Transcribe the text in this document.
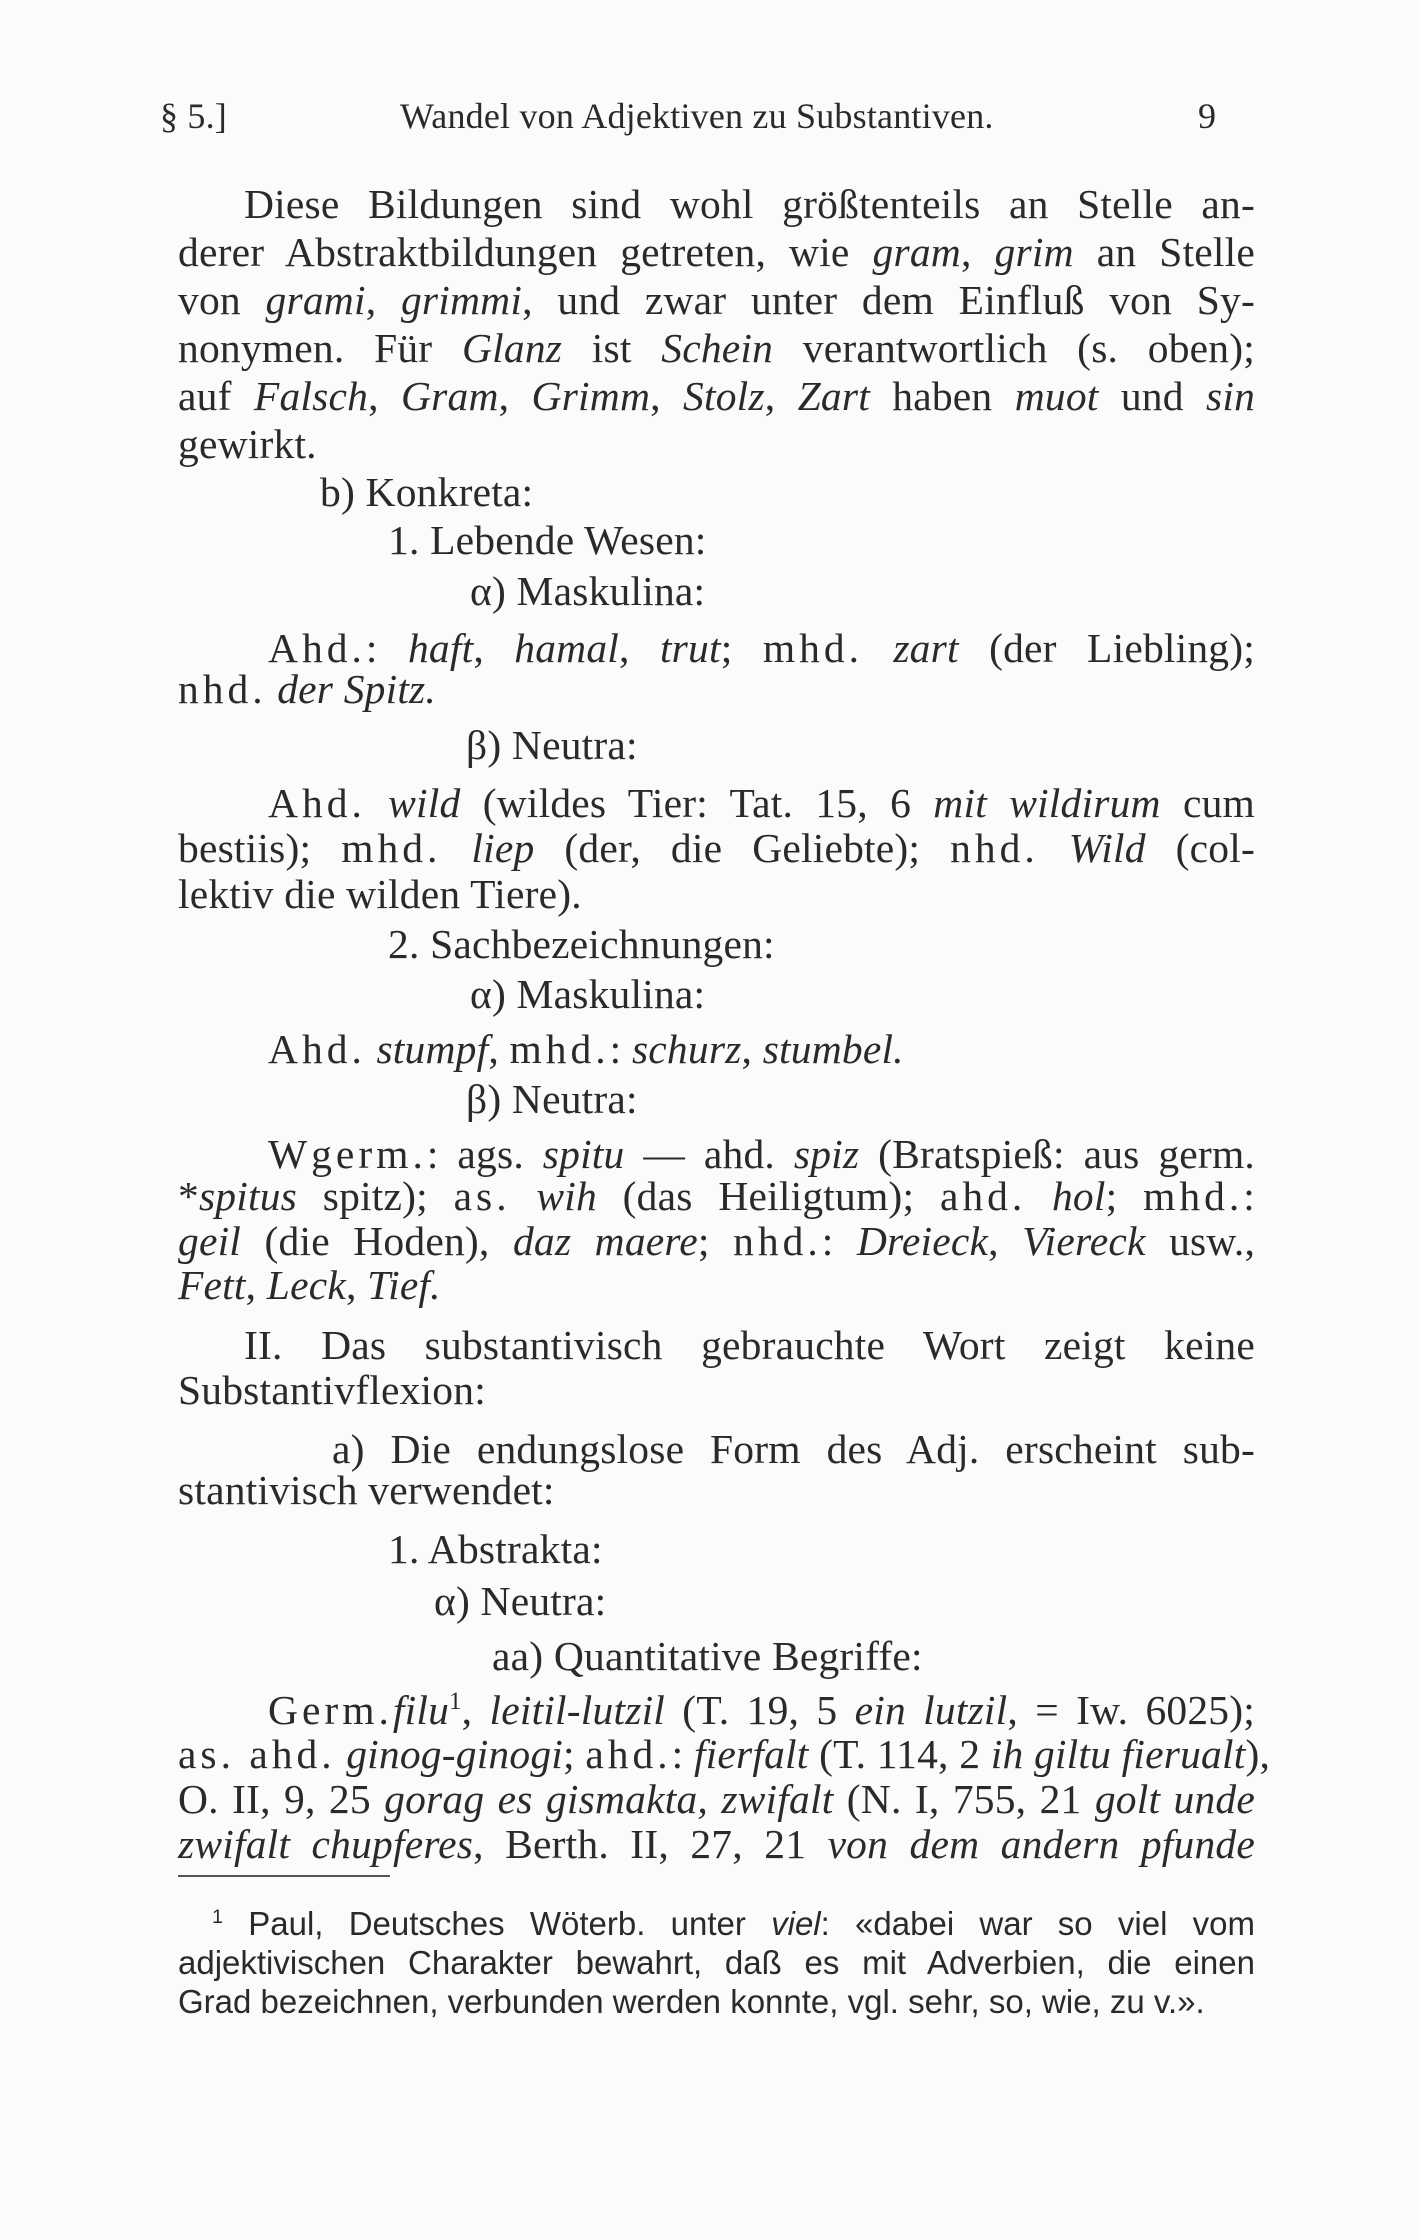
§ 5.]	Wandel von Adjektiven zu Substantiven.	9
Diese Bildungen sind wohl größtenteils an Stelle an-
derer Abstraktbildungen getreten, wie gram, grim an Stelle
von grami, grimmi, und zwar unter dem Einfluß von Sy-
nonymen. Für Glanz ist Schein verantwortlich (s. oben);
auf Falsch, Gram, Grimm, Stolz, Zart haben muot und sin
gewirkt.
b) Konkreta:
1. Lebende Wesen:
α) Maskulina:
Ahd.: haft, hamal, trut; mhd. zart (der Liebling);
nhd. der Spitz.
β) Neutra:
Ahd. wild (wildes Tier: Tat. 15, 6 mit wildirum cum
bestiis); mhd. liep (der, die Geliebte); nhd. Wild (col-
lektiv die wilden Tiere).
2. Sachbezeichnungen:
α) Maskulina:
Ahd. stumpf, mhd.: schurz, stumbel.
β) Neutra:
Wgerm.: ags. spitu — ahd. spiz (Bratspieß: aus germ.
*spitus spitz); as. wih (das Heiligtum); ahd. hol; mhd.:
geil (die Hoden), daz maere; nhd.: Dreieck, Viereck usw.,
Fett, Leck, Tief.
II. Das substantivisch gebrauchte Wort zeigt keine
Substantivflexion:
a) Die endungslose Form des Adj. erscheint sub-
stantivisch verwendet:
1. Abstrakta:
α) Neutra:
aa) Quantitative Begriffe:
Germ.filu$^1$, leitil-lutzil (T. 19, 5 ein lutzil, = Iw. 6025);
as. ahd. ginog-ginogi; ahd.: fierfalt (T. 114, 2 ih giltu fierualt),
O. II, 9, 25 gorag es gismakta, zwifalt (N. I, 755, 21 golt unde
zwifalt chupferes, Berth. II, 27, 21 von dem andern pfunde
$^1$ Paul, Deutsches Wöterb. unter viel: «dabei war so viel vom
adjektivischen Charakter bewahrt, daß es mit Adverbien, die einen
Grad bezeichnen, verbunden werden konnte, vgl. sehr, so, wie, zu v.».
